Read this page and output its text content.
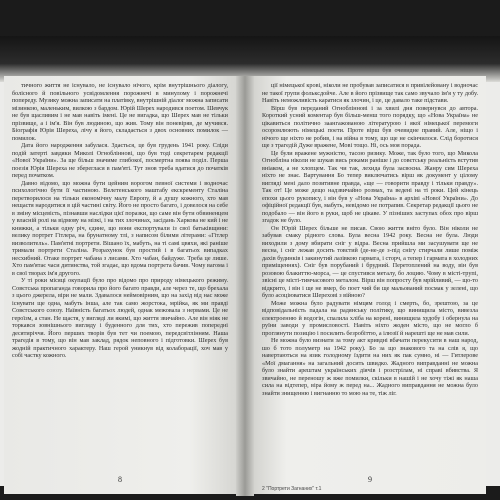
тичного життя не існувало, не існувало нічого, крім внутрішнього діалогу, болісного й повільного усвідомлення порожнечі в минулому і порожнечі попереду. Музику можна записати на платівку, внутрішній діалог можна записати мізинкою, маленьким, вилкою з бардом. Юрій Шерех народився поетом. Шевчук не був щасливим і не мав навіть імені. Це не вигадка, що Шерех мав не тільки прізвище, а і ім'я. Він був людиною, що жив. Тому він поневіряв, де мучився. Біографія Юрія Шереха, лічу я його, складається з двох основних помилок — помилок.

Дата його народження забулася. Здається, це був грудень 1941 року. Сліди подій затерті завдяки Миколі Огнобліннові, що був тоді секретарем редакції «Нової України». За ще більш значиме глибокої, посмертна поява поділ. Перша поезія Юрія Шереха не збереглася в пам'яті. Тут знов треба вдатися до початків перед початком.

Давно відомо, що можна бути цейним ворогом певної системи і водночас психологічно бути її частиною. Велетенського маштабу екскременту Сталіна перетворилося на тільки економічну малу Европу, й а душу кожного, хто мав нещастя народитися в цій частині світу. Його не просто багато, і довелося на себе в зміну місцевість, пізнавши наслідки цієї поразки, що саме він бути обвиненцем у власній ролі на відмову на мізкі, і на тих злочинах, засідань Харкова не кий і не книжки, а тільки одну річ, єдине, що вони експортували із свої батьківщини: велику портрет Гітлера, на брунатному тлі, з написом білими літерами: «Гітлер визволитель». Пам'ятні портрети. Вішано їх, мабуть, на ті самі цвяхи, які раніше тримали портрети Сталіна. Розрахунок був простий і в багатьох випадках несхибний. Отаке портрет чабана з лисами. Хто чабан, байдуже. Треба це лише. Хто пам'ятає часи дитинства, той згадає, що вдома портрета бачив. Чому вагома і в свої творах ім'я другого.

У ті роки місяці окупації було про відомо про природу німецького режиму. Совєтська пропаганда говорила про його багато правди, але через те, що брехала з цього джерела, віри не мали. Здавалося неймовірним, що на захід від нас може існувати ще одна, мабуть інша, але так само жорстока, мрійка, як ми правді Совєтського союзу. Наївність багатьох людей, однак межовала з нервами. Це не героїзм, а стан. Не щастя, у вигляді ли якимі, що життя звичайно. Але він ніяк не торкався зовнішнього вигляду і буденного для тих, хто пережив попередні десятиріччя. Його перших творів був тет чи поемою, передсвітлінням. Наша трагедія в тому, що він мав заклад, рядок неповного і підготовки. Шерех був жодній практичного характеру. Наш герой уникнув від колаборації, хоч мав у собі частку кожного.

8

ції німецької крові, ніколи не пробував записатися в привілейовану і водночас не такої групи фольксдойче. Але в його прізвище так само звучало ім'я у ту добу. Навіть неможливість каратися як злочин, і це, це давало таке підстави.

Вірш був переданий Огнобліннові і за хвилі дня повернувся до автора. Короткий усний коментар був більш-менш того порядку, що «Нова Україна» не цікавиться політично заангажованою літературою і якої німецької перемоги осоромлюють німецькі поети. Проте вірш був очевидне правий. Але, ніщо і нічого ще ніхто не робив, і на війна в тому, що ще не скінчилося. Слід боротися ще з трагедій Дуже вражене, Мові тощо. Ні, ось моя порада.

Це були вражене мужністю, тасою ризику. Може, так було того, що Микола Огнобліна ніколи не шукав вись роками раніше і до совєтську реальність встутив вніаком, а не хлопцем. Так чи так, лехида була засвоєна. Жанру сим Шереха ніхто не знає. Вартування Бо тепер виключатись вірш як документ у цілому вигляді мені дало позитивне правда, «ще — говорити правду і тільки правду». Так от! Це може дещо надзвичайно розмах, та ведені на ті роки. Цей кінець епохи цього рукопису, і він був у «Нова Україна» в архіві «Нової України». До офіційної редакції був, мабуть, невідомо не потрапив. Секретар редакції цього не подобало — він його в руки, щоб не цікаве. У пізніших заступах обох про вірш згадок не було.

Он Юрій Шерех більше не писав. Свою життя вніто було. Він ніколи не забував смаку рідного слова. Була весна 1942 року. Весна не була. Люди виходили з дому вбирати сніг у відра. Весна прийшла ми засушувати ще не весна, і сніг лежав досить товстий (де-не-де з-під снігу стирчали лише поміж дахів будинків і закинутий лазівкою гармата, і сторч, а тепер і гармата в холодних приміщеннях). Сніг був порубаний і брудний. Перетоплений на воду, він був розовою блакиттю-морса, — це спустився металу, бо лоцию. Чому в місті-трупі, звісні це місті-тимчасового металом. Вірш він попросту був мрійливий, — що-то відкрито, і він і ще не вмер, бо поет чий би ще мальований посмак у зелені, що було асоціюватися Шерехові з війною?

Може можна було радувати німцям голод і смерть, бо, зрештою, за це відповідальність падала на радянську політику, що винищила місто, вивезла електроенню й водогін, спалила хліба на корені, винищила худобу і обернула на руїни заводи у промисловості. Навіть ніхто жоден місто, що не могло б проглянути позицію і посилить безробіттю, а ілюзії й нарешті ще не мав сили.

Не можна було визнати за тому акт кривдні вбачати перекусити в наш народ, шо б тото полуметр на 1942 року). Бо за що знакового та на слів я, що навертаються на язик голодному їздити на них як пак сумно, ні — Гитлерове «Мої дмагання» на загальний досить швидко. Жадного виправданні не можна було знайти арештам українських діячів і розстрілам, ні справі вбивства. Я звичайно, не переношу ж вже помилки, скільки в нашій і не хочу тіжі як наша сила на відтепер, віра йому ж перед на... Жадного виправдання не можна було знайти знищенню і вигнанню то мою на те, тіж ліг.

9
2 "Портрети Загнаних" т.1
